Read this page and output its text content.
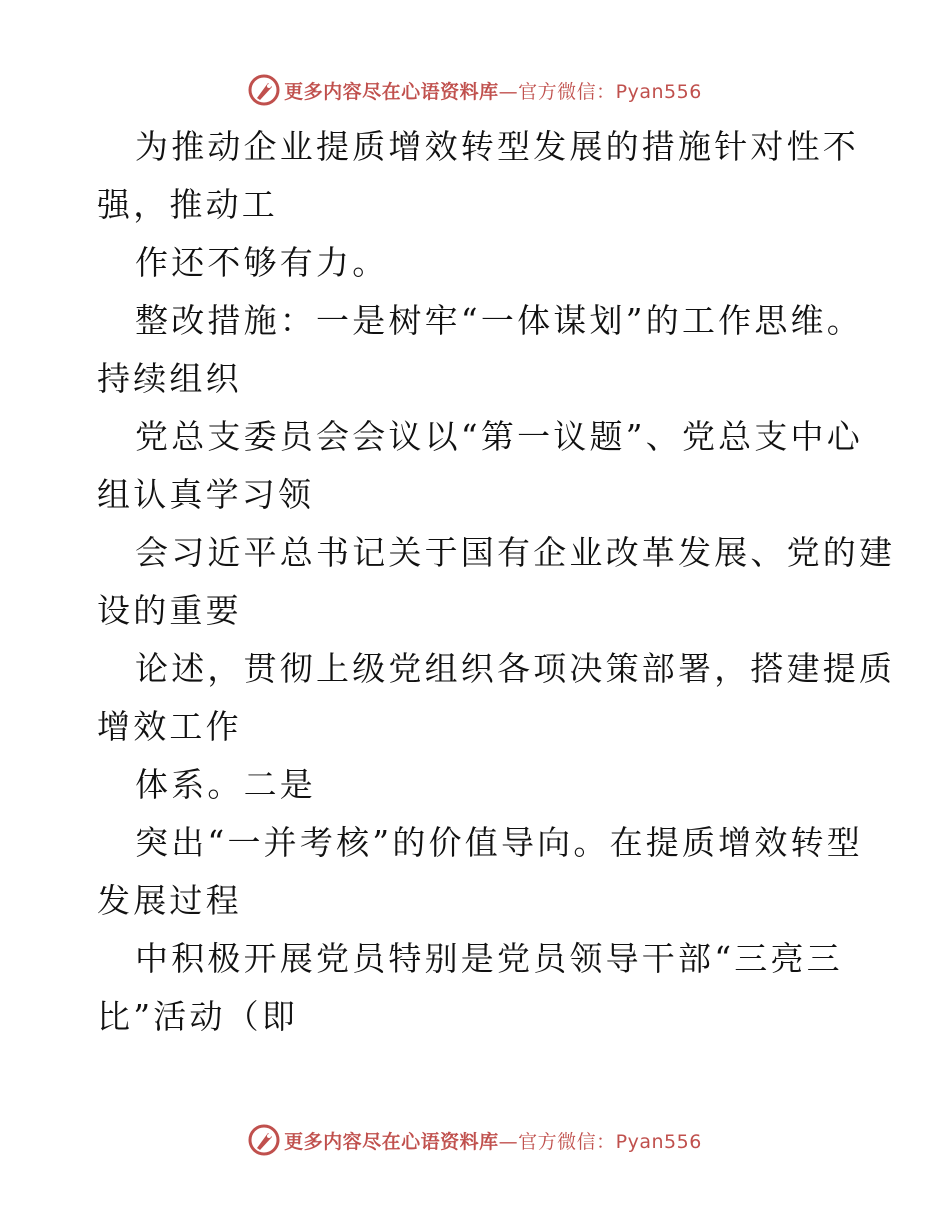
更多内容尽在心语资料库—官方微信：Pyan556

为推动企业提质增效转型发展的措施针对性不

强，推动工

作还不够有力。

整改措施：一是树牢“一体谋划”的工作思维。

持续组织

党总支委员会会议以“第一议题”、党总支中心

组认真学习领

会习近平总书记关于国有企业改革发展、党的建

设的重要

论述，贯彻上级党组织各项决策部署，搭建提质

增效工作

体系。二是

突出“一并考核”的价值导向。在提质增效转型

发展过程

中积极开展党员特别是党员领导干部“三亮三

比”活动（即

更多内容尽在心语资料库—官方微信：Pyan556
